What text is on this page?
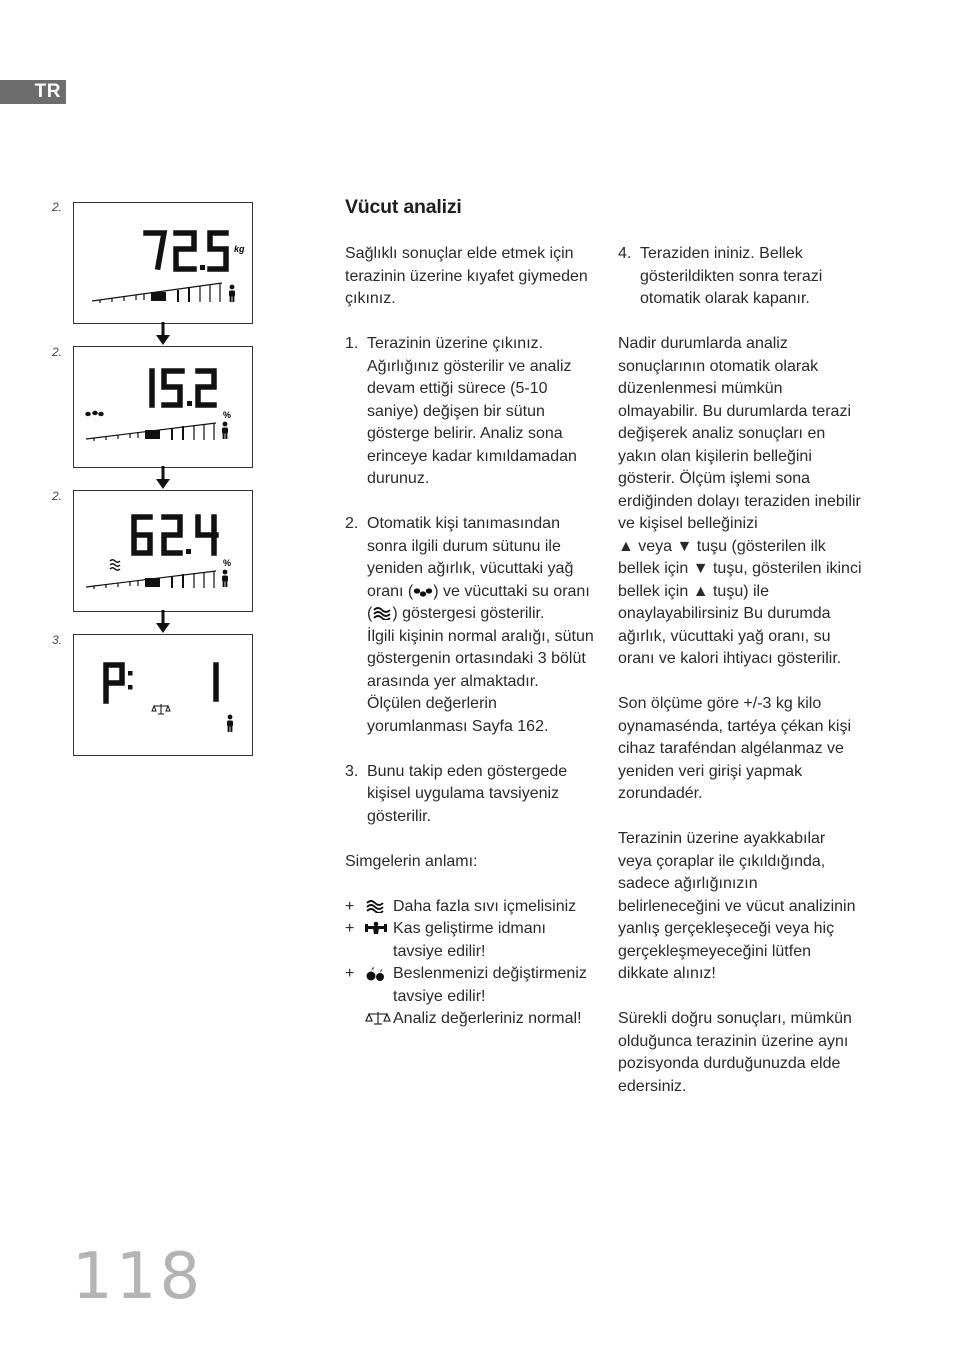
TR
2.
kg
2.
%
2.
%
3.
Vücut analizi

Sağlıklı sonuçlar elde etmek için terazinin üzerine kıyafet giymeden çıkınız.

1. Terazinin üzerine çıkınız. Ağırlığınız gösterilir ve analiz devam ettiği sürece (5-10 saniye) değişen bir sütun gösterge belirir. Analiz sona erinceye kadar kımıldamadan durunuz.
2. Otomatik kişi tanımasından sonra ilgili durum sütunu ile yeniden ağırlık, vücuttaki yağ oranı ( ) ve vücuttaki su oranı ( ) göstergesi gösterilir.
İlgili kişinin normal aralığı, sütun göstergenin ortasındaki 3 bölüt arasında yer almaktadır.
Ölçülen değerlerin yorumlanması Sayfa 162.
3. Bunu takip eden göstergede kişisel uygulama tavsiyeniz gösterilir.

Simgelerin anlamı:

+	Daha fazla sıvı içmelisiniz
+	Kas geliştirme idmanı tavsiye edilir!
+	Beslenmenizi değiştirmeniz tavsiye edilir!
Analiz değerleriniz normal!
4. Teraziden ininiz. Bellek gösterildikten sonra terazi otomatik olarak kapanır.

Nadir durumlarda analiz sonuçlarının otomatik olarak düzenlenmesi mümkün olmayabilir. Bu durumlarda terazi değişerek analiz sonuçları en yakın olan kişilerin belleğini gösterir. Ölçüm işlemi sona erdiğinden dolayı teraziden inebilir ve kişisel belleğinizi

▲ veya ▼ tuşu (gösterilen ilk bellek için ▼ tuşu, gösterilen ikinci bellek için ▲ tuşu) ile onaylayabilirsiniz Bu durumda ağırlık, vücuttaki yağ oranı, su oranı ve kalori ihtiyacı gösterilir.

Son ölçüme göre +/-3 kg kilo oynamasénda, tartéya çékan kişi cihaz taraféndan algélanmaz ve yeniden veri girişi yapmak zorundadér.

Terazinin üzerine ayakkabılar veya çoraplar ile çıkıldığında, sadece ağırlığınızın belirleneceğini ve vücut analizinin yanlış gerçekleşeceği veya hiç gerçekleşmeyeceğini lütfen dikkate alınız!

Sürekli doğru sonuçları, mümkün olduğunca terazinin üzerine aynı pozisyonda durduğunuzda elde edersiniz.

118
